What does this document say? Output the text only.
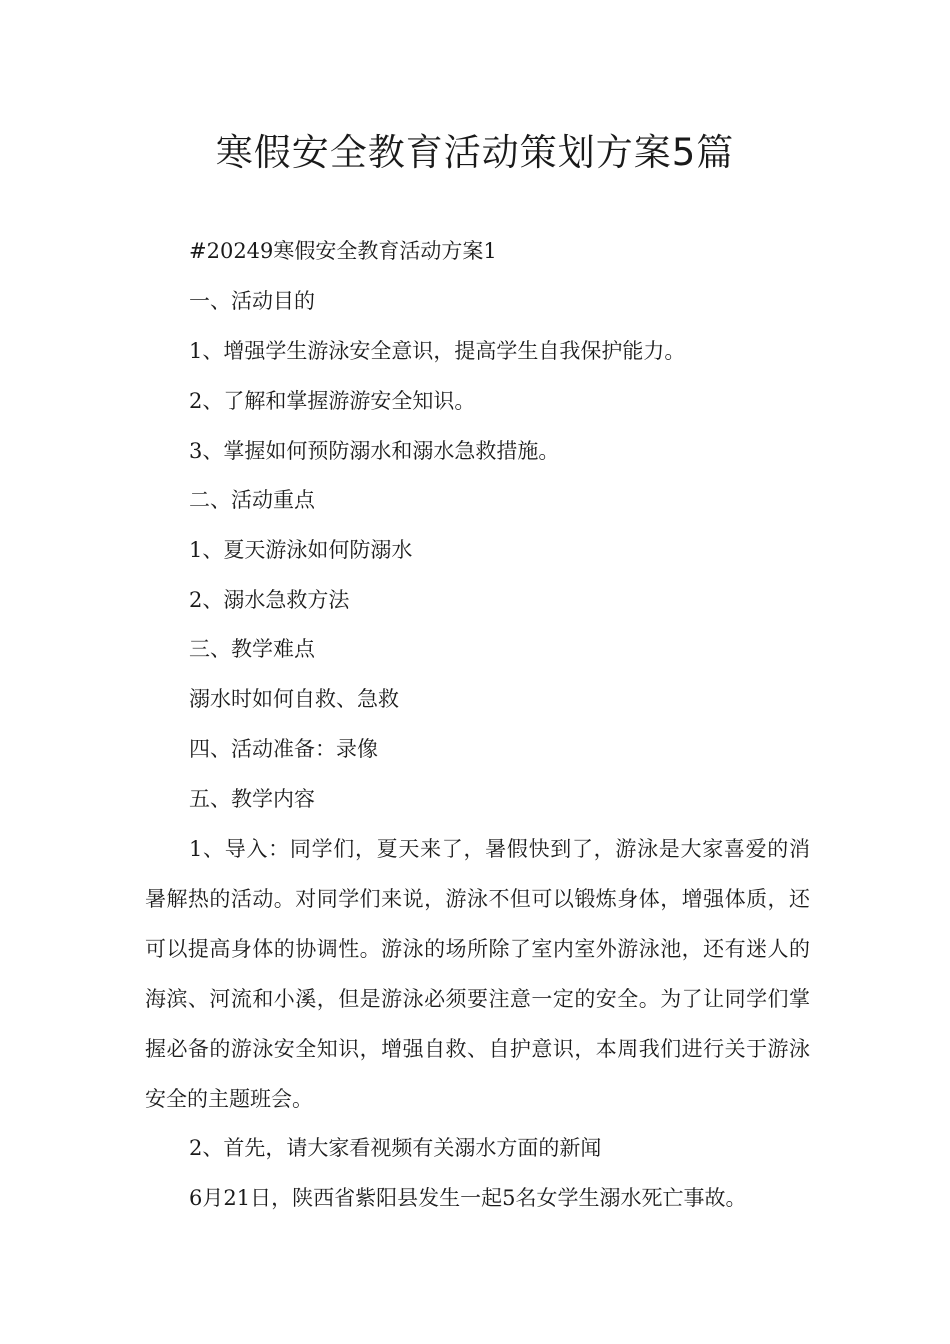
寒假安全教育活动策划方案5篇

#20249寒假安全教育活动方案1

一、活动目的

1、增强学生游泳安全意识，提高学生自我保护能力。

2、了解和掌握游游安全知识。

3、掌握如何预防溺水和溺水急救措施。

二、活动重点

1、夏天游泳如何防溺水

2、溺水急救方法

三、教学难点

溺水时如何自救、急救

四、活动准备：录像

五、教学内容

1、导入：同学们，夏天来了，暑假快到了，游泳是大家喜爱的消暑解热的活动。对同学们来说，游泳不但可以锻炼身体，增强体质，还可以提高身体的协调性。游泳的场所除了室内室外游泳池，还有迷人的海滨、河流和小溪，但是游泳必须要注意一定的安全。为了让同学们掌握必备的游泳安全知识，增强自救、自护意识，本周我们进行关于游泳安全的主题班会。

2、首先，请大家看视频有关溺水方面的新闻

6月21日，陕西省紫阳县发生一起5名女学生溺水死亡事故。
